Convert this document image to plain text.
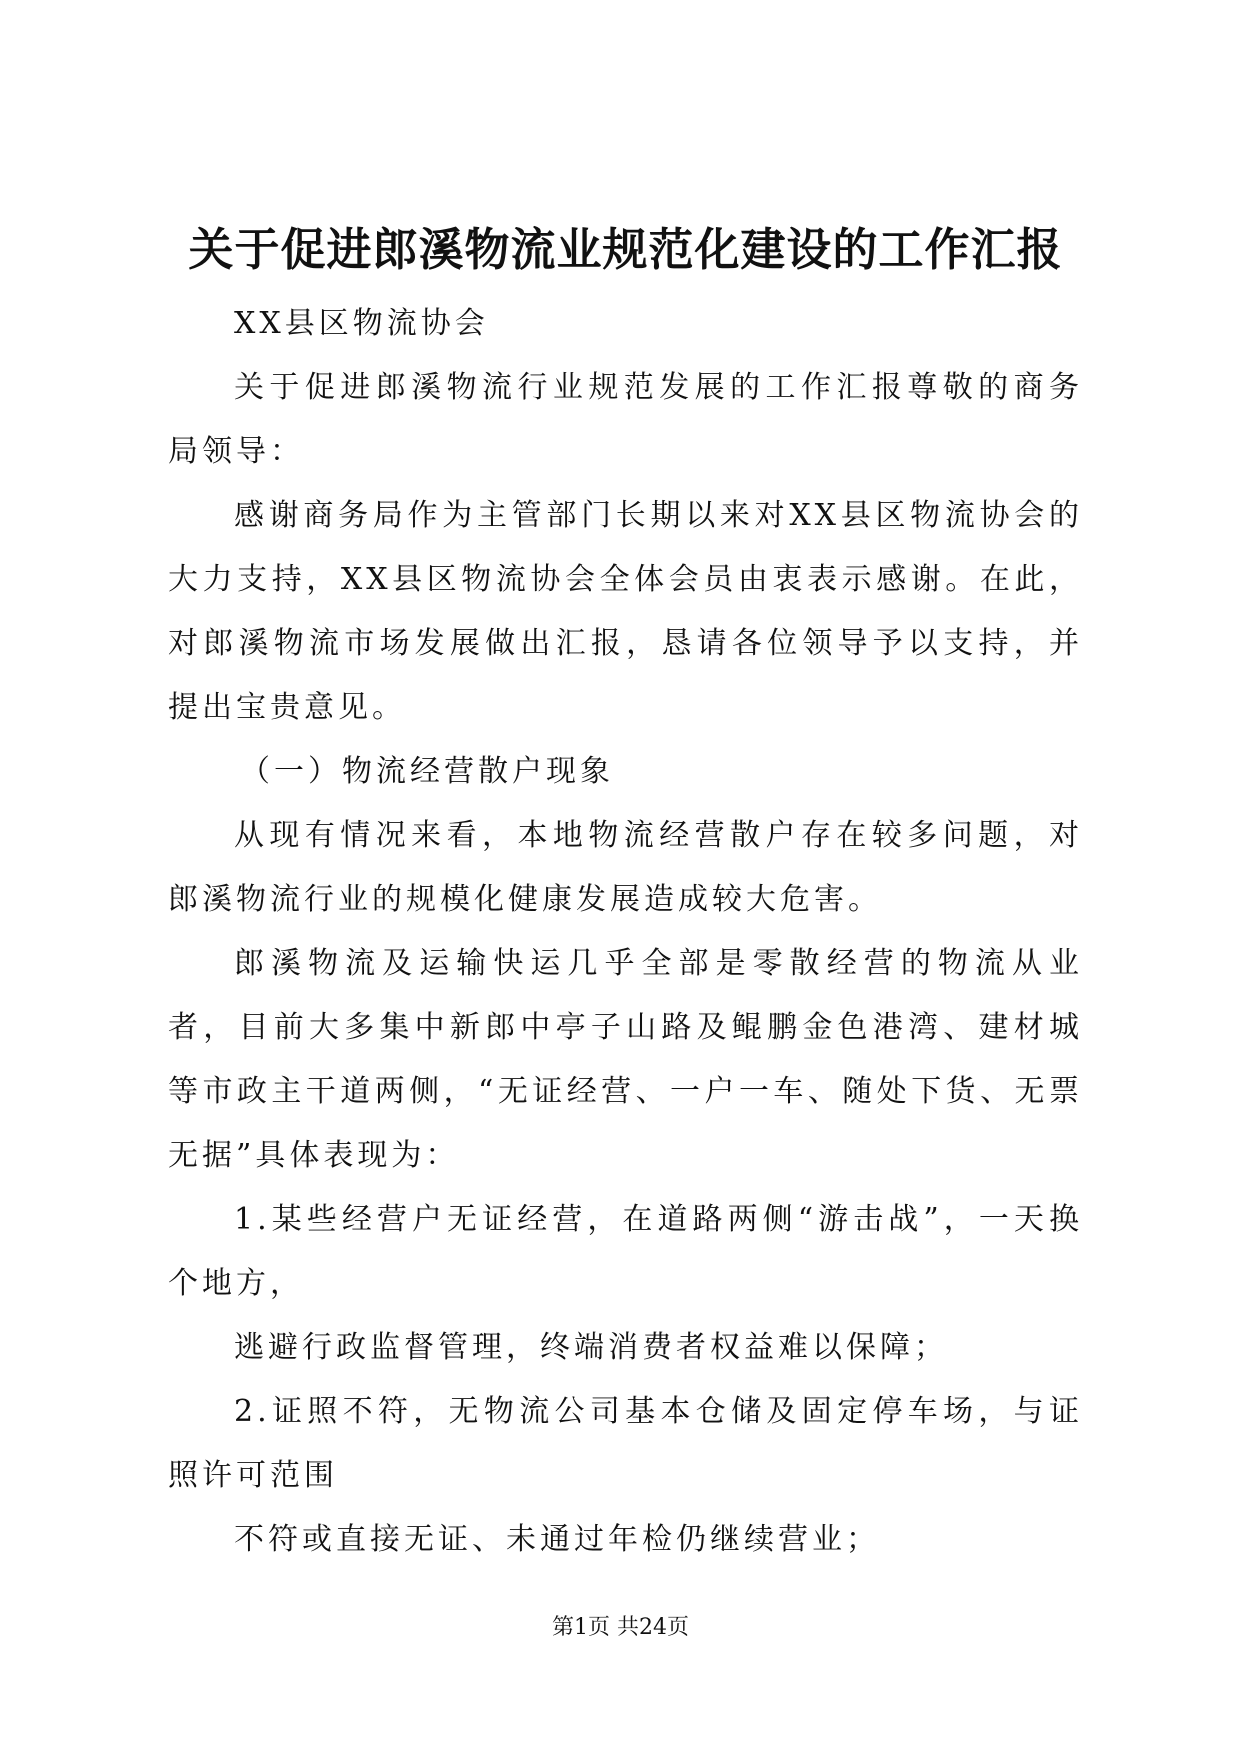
关于促进郎溪物流业规范化建设的工作汇报

XX县区物流协会

关于促进郎溪物流行业规范发展的工作汇报尊敬的商务局领导：

感谢商务局作为主管部门长期以来对XX县区物流协会的大力支持，XX县区物流协会全体会员由衷表示感谢。在此，对郎溪物流市场发展做出汇报，恳请各位领导予以支持，并提出宝贵意见。

（一）物流经营散户现象

从现有情况来看，本地物流经营散户存在较多问题，对郎溪物流行业的规模化健康发展造成较大危害。

郎溪物流及运输快运几乎全部是零散经营的物流从业者，目前大多集中新郎中亭子山路及鲲鹏金色港湾、建材城等市政主干道两侧，“无证经营、一户一车、随处下货、无票无据”具体表现为：

1.某些经营户无证经营，在道路两侧“游击战”，一天换个地方，

逃避行政监督管理，终端消费者权益难以保障；

2.证照不符，无物流公司基本仓储及固定停车场，与证照许可范围

不符或直接无证、未通过年检仍继续营业；

第1页 共24页
